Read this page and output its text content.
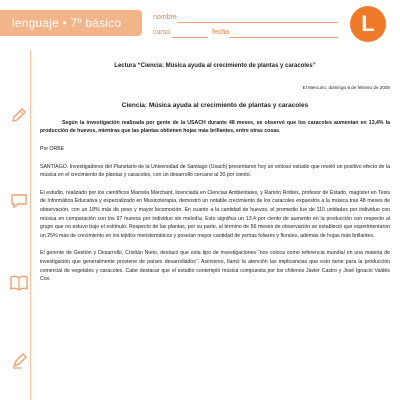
lenguaje • 7º básico	nombre
curso	fecha	L
Lectura “Ciencia: Música ayuda al crecimiento de plantas y caracoles”
El Mercurio, domingo 6 de febrero de 2005
Ciencia: Música ayuda al crecimiento de plantas y caracoles
Según la investigación realizada por gente de la USACH durante 48 meses, se observó que los caracoles aumentan en 13,4% la producción de huevos, mientras que las plantas obtienen hojas más brillantes, entre otras cosas.
Por ORBE
SANTIAGO. Investigadores del Planetario de la Universidad de Santiago (Usach) presentaron hoy un exitoso estudio que reveló un positivo efecto de la música en el crecimiento de plantas y caracoles, con un desarrollo cercano al 30 por ciento.
El estudio, realizado por los científicos Marcela Marchant, licenciada en Ciencias Ambientales, y Ramón Robles, profesor de Estado, magíster en Tesis de Informática Educativa y especializado en Musicoterapia, demostró un notable crecimiento de los caracoles expuestos a la música tras 48 meses de observación, con un 18% más de peso y mayor locomoción. En cuanto a la cantidad de huevos, el promedio fue de 110 unidades por individuo con música en comparación con los 97 huevos por individuo sin melodía. Esto significa un 13,4 por ciento de aumento en la producción con respecto al grupo que no estuvo bajo el estímulo. Respecto de las plantas, por su parte, al término de 56 meses de observación se estableció que experimentaron un 25% más de crecimiento en los tejidos meristemáticos y poseían mayor cantidad de yemas foliares y florales, además de hojas más brillantes.
El gerente de Gestión y Desarrollo, Cristián Nieto, destacó que esta tipo de investigaciones “nos coloca como referencia mundial en una materia de investigación que generalmente proviene de países desarrollados”. Asimismo, llamó la atención las implicancias que esto tiene para la producción comercial de vegetales y caracoles. Cabe destacar que el estudio contempló música compuesta por los chilenos Javier Castro y José Ignacio Valdés Cox.
